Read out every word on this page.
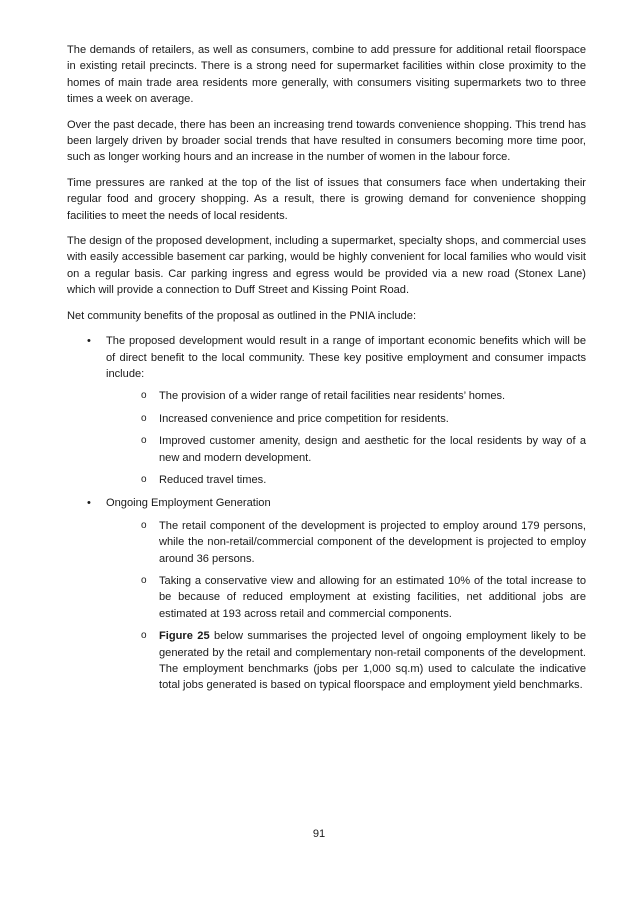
The demands of retailers, as well as consumers, combine to add pressure for additional retail floorspace in existing retail precincts. There is a strong need for supermarket facilities within close proximity to the homes of main trade area residents more generally, with consumers visiting supermarkets two to three times a week on average.

Over the past decade, there has been an increasing trend towards convenience shopping. This trend has been largely driven by broader social trends that have resulted in consumers becoming more time poor, such as longer working hours and an increase in the number of women in the labour force.

Time pressures are ranked at the top of the list of issues that consumers face when undertaking their regular food and grocery shopping. As a result, there is growing demand for convenience shopping facilities to meet the needs of local residents.

The design of the proposed development, including a supermarket, specialty shops, and commercial uses with easily accessible basement car parking, would be highly convenient for local families who would visit on a regular basis. Car parking ingress and egress would be provided via a new road (Stonex Lane) which will provide a connection to Duff Street and Kissing Point Road.

Net community benefits of the proposal as outlined in the PNIA include:

• The proposed development would result in a range of important economic benefits which will be of direct benefit to the local community. These key positive employment and consumer impacts include:

o The provision of a wider range of retail facilities near residents’ homes.

o Increased convenience and price competition for residents.

o Improved customer amenity, design and aesthetic for the local residents by way of a new and modern development.

o Reduced travel times.

• Ongoing Employment Generation

o The retail component of the development is projected to employ around 179 persons, while the non-retail/commercial component of the development is projected to employ around 36 persons.

o Taking a conservative view and allowing for an estimated 10% of the total increase to be because of reduced employment at existing facilities, net additional jobs are estimated at 193 across retail and commercial components.

o Figure 25 below summarises the projected level of ongoing employment likely to be generated by the retail and complementary non-retail components of the development. The employment benchmarks (jobs per 1,000 sq.m) used to calculate the indicative total jobs generated is based on typical floorspace and employment yield benchmarks.

91
